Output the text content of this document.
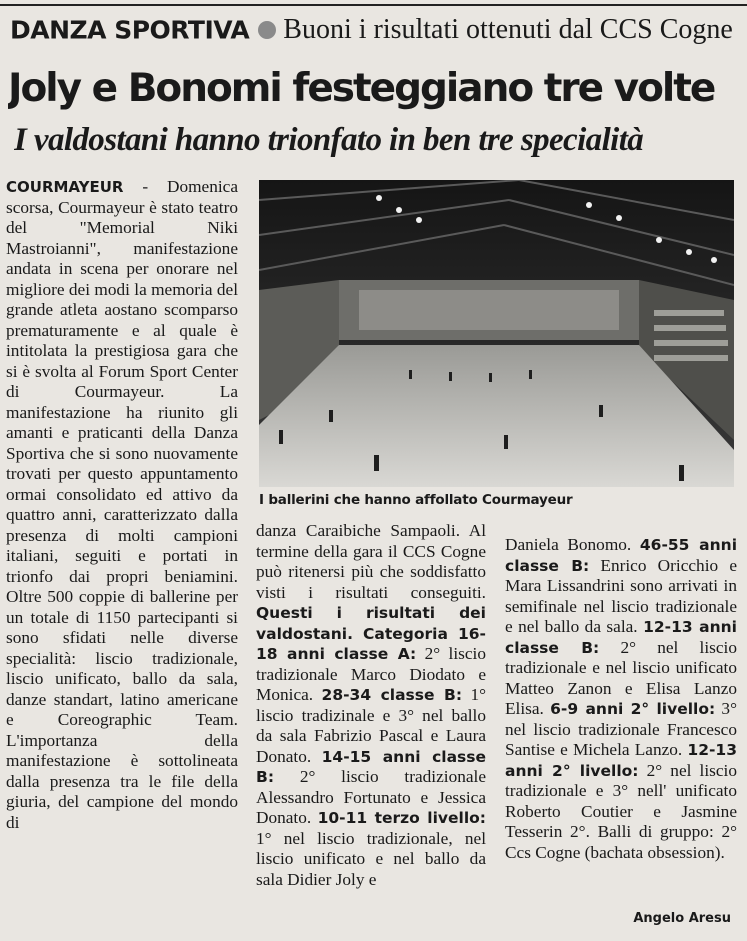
DANZA SPORTIVA Buoni i risultati ottenuti dal CCS Cogne
Joly e Bonomi festeggiano tre volte
I valdostani hanno trionfato in ben tre specialità
COURMAYEUR - Domenica scorsa, Courmayeur è stato teatro del "Memorial Niki Mastroianni", manifestazione andata in scena per onorare nel migliore dei modi la memoria del grande atleta aostano scomparso prematuramente e al quale è intitolata la prestigiosa gara che si è svolta al Forum Sport Center di Courmayeur. La manifestazione ha riunito gli amanti e praticanti della Danza Sportiva che si sono nuovamente trovati per questo appuntamento ormai consolidato ed attivo da quattro anni, caratterizzato dalla presenza di molti campioni italiani, seguiti e portati in trionfo dai propri beniamini. Oltre 500 coppie di ballerine per un totale di 1150 partecipanti si sono sfidati nelle diverse specialità: liscio tradizionale, liscio unificato, ballo da sala, danze standart, latino americane e Coreographic Team. L'importanza della manifestazione è sottolineata dalla presenza tra le file della giuria, del campione del mondo di
I ballerini che hanno affollato Courmayeur
danza Caraibiche Sampaoli. Al termine della gara il CCS Cogne può ritenersi più che soddisfatto visti i risultati conseguiti. Questi i risultati dei valdostani. Categoria 16-18 anni classe A: 2° liscio tradizionale Marco Diodato e Monica. 28-34 classe B: 1° liscio tradizinale e 3° nel ballo da sala Fabrizio Pascal e Laura Donato. 14-15 anni classe B: 2° liscio tradizionale Alessandro Fortunato e Jessica Donato. 10-11 terzo livello: 1° nel liscio tradizionale, nel liscio unificato e nel ballo da sala Didier Joly e
Daniela Bonomo. 46-55 anni classe B: Enrico Oricchio e Mara Lissandrini sono arrivati in semifinale nel liscio tradizionale e nel ballo da sala. 12-13 anni classe B: 2° nel liscio tradizionale e nel liscio unificato Matteo Zanon e Elisa Lanzo Elisa. 6-9 anni 2° livello: 3° nel liscio tradizionale Francesco Santise e Michela Lanzo. 12-13 anni 2° livello: 2° nel liscio tradizionale e 3° nell' unificato Roberto Coutier e Jasmine Tesserin 2°. Balli di gruppo: 2° Ccs Cogne (bachata obsession).
Angelo Aresu
